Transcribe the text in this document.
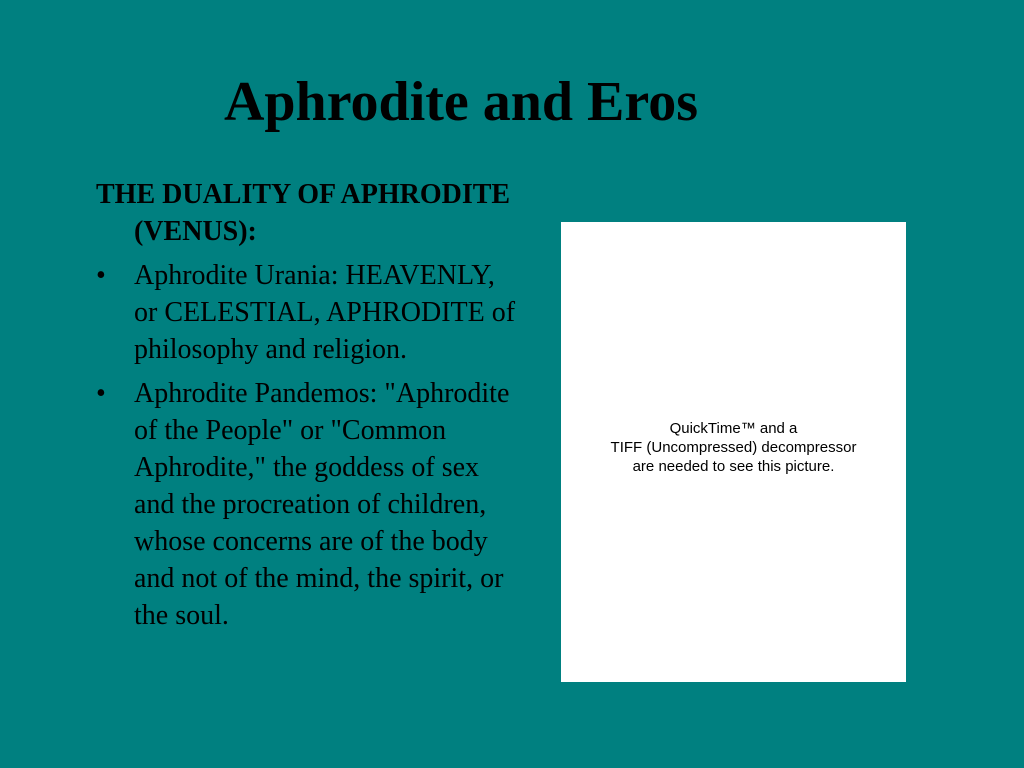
Aphrodite and Eros
THE DUALITY OF APHRODITE (VENUS):
• Aphrodite Urania: HEAVENLY, or CELESTIAL, APHRODITE of philosophy and religion.
• Aphrodite Pandemos: "Aphrodite of the People" or "Common Aphrodite," the goddess of sex and the procreation of children, whose concerns are of the body and not of the mind, the spirit, or the soul.
QuickTime™ and a
TIFF (Uncompressed) decompressor
are needed to see this picture.
